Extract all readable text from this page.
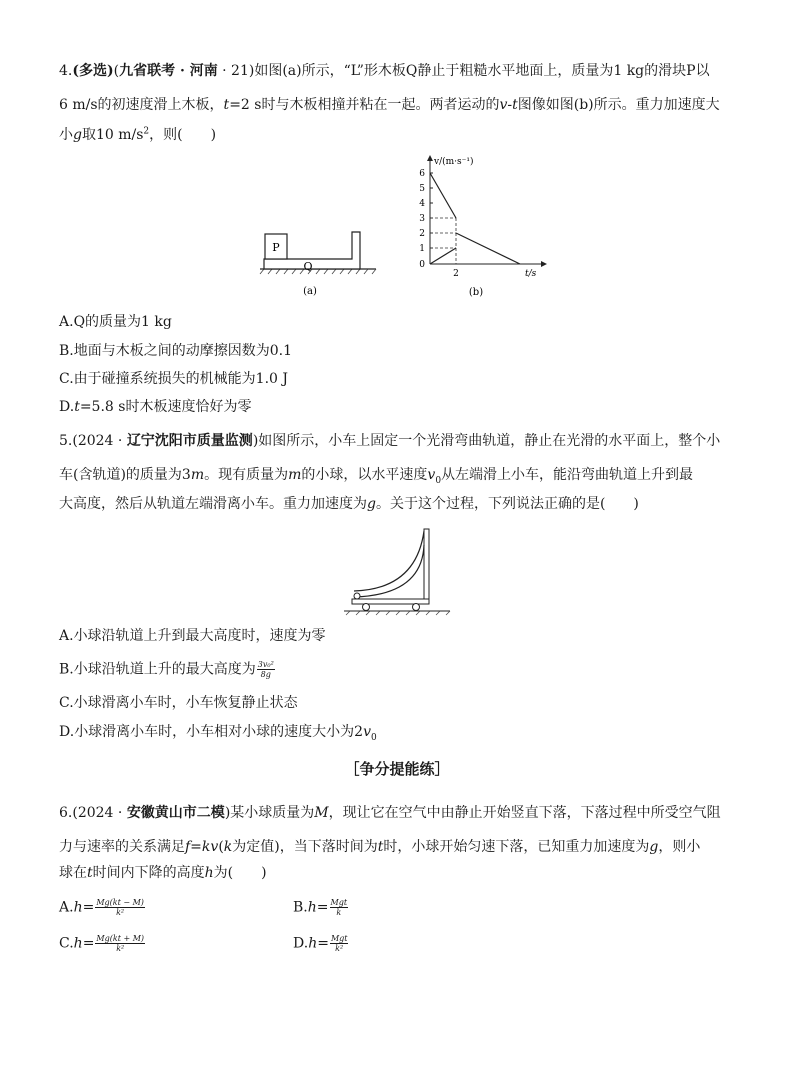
4.(多选)(九省联考 · 河南 · 21)如图(a)所示，“L”形木板Q静止于粗糙水平地面上，质量为1 kg的滑块P以
6 m/s的初速度滑上木板，t=2 s时与木板相撞并粘在一起。两者运动的v-t图像如图(b)所示。重力加速度大
小g取10 $m/s^2$，则(　　)
P
Q
(a)
v/(m·s⁻¹)
t/s
6
5
4
3
2
1
0
2
(b)
A.Q的质量为1 kg
B.地面与木板之间的动摩擦因数为0.1
C.由于碰撞系统损失的机械能为1.0 J
D.t=5.8 s时木板速度恰好为零
5.(2024 · 辽宁沈阳市质量监测)如图所示，小车上固定一个光滑弯曲轨道，静止在光滑的水平面上，整个小
车(含轨道)的质量为3m。现有质量为m的小球，以水平速度$v_0$从左端滑上小车，能沿弯曲轨道上升到最
大高度，然后从轨道左端滑离小车。重力加速度为g。关于这个过程，下列说法正确的是(　　)
A.小球沿轨道上升到最大高度时，速度为零
B.小球沿轨道上升的最大高度为 $\frac{\text{3v₀²}}{8g}$
C.小球滑离小车时，小车恢复静止状态
D.小球滑离小车时，小车相对小球的速度大小为$2v_0$
［争分提能练］
6.(2024 · 安徽黄山市二模)某小球质量为M，现让它在空气中由静止开始竖直下落，下落过程中所受空气阻
力与速率的关系满足f=kv(k为定值)，当下落时间为t时，小球开始匀速下落，已知重力加速度为g，则小
球在t时间内下降的高度h为(　　)
$A.h= \frac{Mg(kt - M)}{\text{k²}}$	$B.h= \frac{\text{Mgt}}{k}$
$C.h= \frac{Mg(kt + M)}{\text{k²}}$	$D.h= \frac{\text{Mgt}}{\text{k²}}$
